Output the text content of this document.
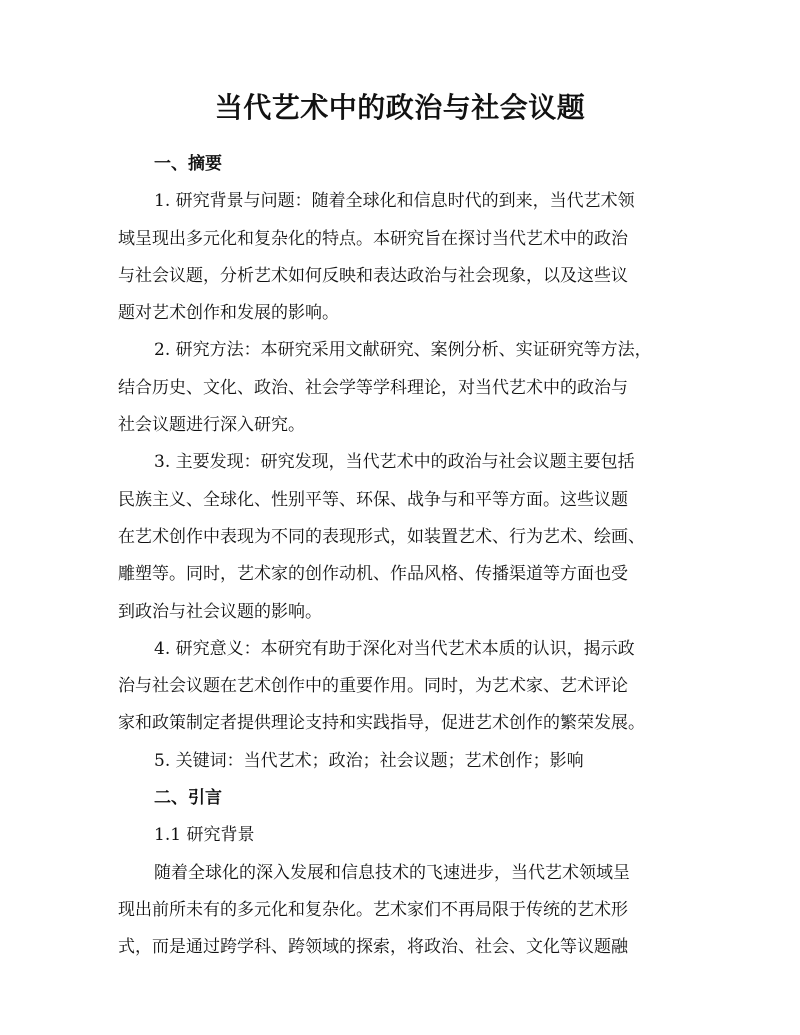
当代艺术中的政治与社会议题
一、摘要
1. 研究背景与问题：随着全球化和信息时代的到来，当代艺术领
域呈现出多元化和复杂化的特点。本研究旨在探讨当代艺术中的政治
与社会议题，分析艺术如何反映和表达政治与社会现象，以及这些议
题对艺术创作和发展的影响。
2. 研究方法：本研究采用文献研究、案例分析、实证研究等方法，
结合历史、文化、政治、社会学等学科理论，对当代艺术中的政治与
社会议题进行深入研究。
3. 主要发现：研究发现，当代艺术中的政治与社会议题主要包括
民族主义、全球化、性别平等、环保、战争与和平等方面。这些议题
在艺术创作中表现为不同的表现形式，如装置艺术、行为艺术、绘画、
雕塑等。同时，艺术家的创作动机、作品风格、传播渠道等方面也受
到政治与社会议题的影响。
4. 研究意义：本研究有助于深化对当代艺术本质的认识，揭示政
治与社会议题在艺术创作中的重要作用。同时，为艺术家、艺术评论
家和政策制定者提供理论支持和实践指导，促进艺术创作的繁荣发展。
5. 关键词：当代艺术；政治；社会议题；艺术创作；影响
二、引言
1.1 研究背景
随着全球化的深入发展和信息技术的飞速进步，当代艺术领域呈
现出前所未有的多元化和复杂化。艺术家们不再局限于传统的艺术形
式，而是通过跨学科、跨领域的探索，将政治、社会、文化等议题融
